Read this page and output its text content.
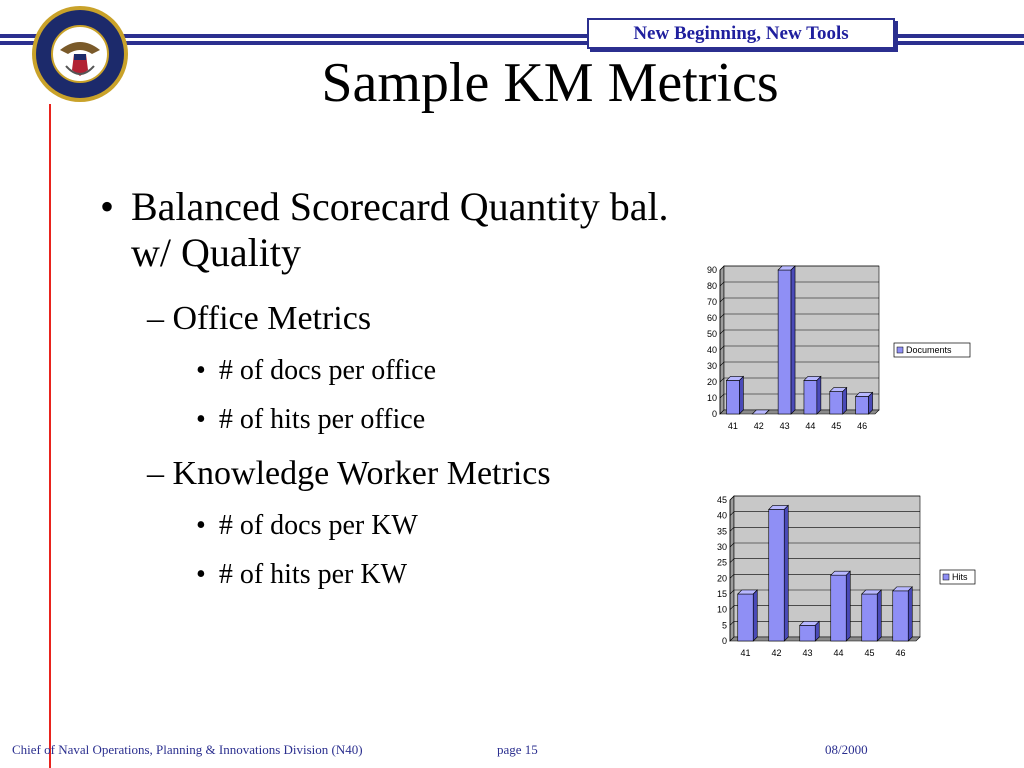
New Beginning, New Tools
Sample KM Metrics
• Balanced Scorecard Quantity bal. w/ Quality
– Office Metrics
• # of docs per office
• # of hits per office
– Knowledge Worker Metrics
• # of docs per KW
• # of hits per KW
0
10
20
30
40
50
60
70
80
90
41 42 43 44 45 46
Documents
0
5
10
15
20
25
30
35
40
45
41 42 43 44 45 46
Hits
Chief of Naval Operations, Planning & Innovations Division (N40)	page 15	08/2000
